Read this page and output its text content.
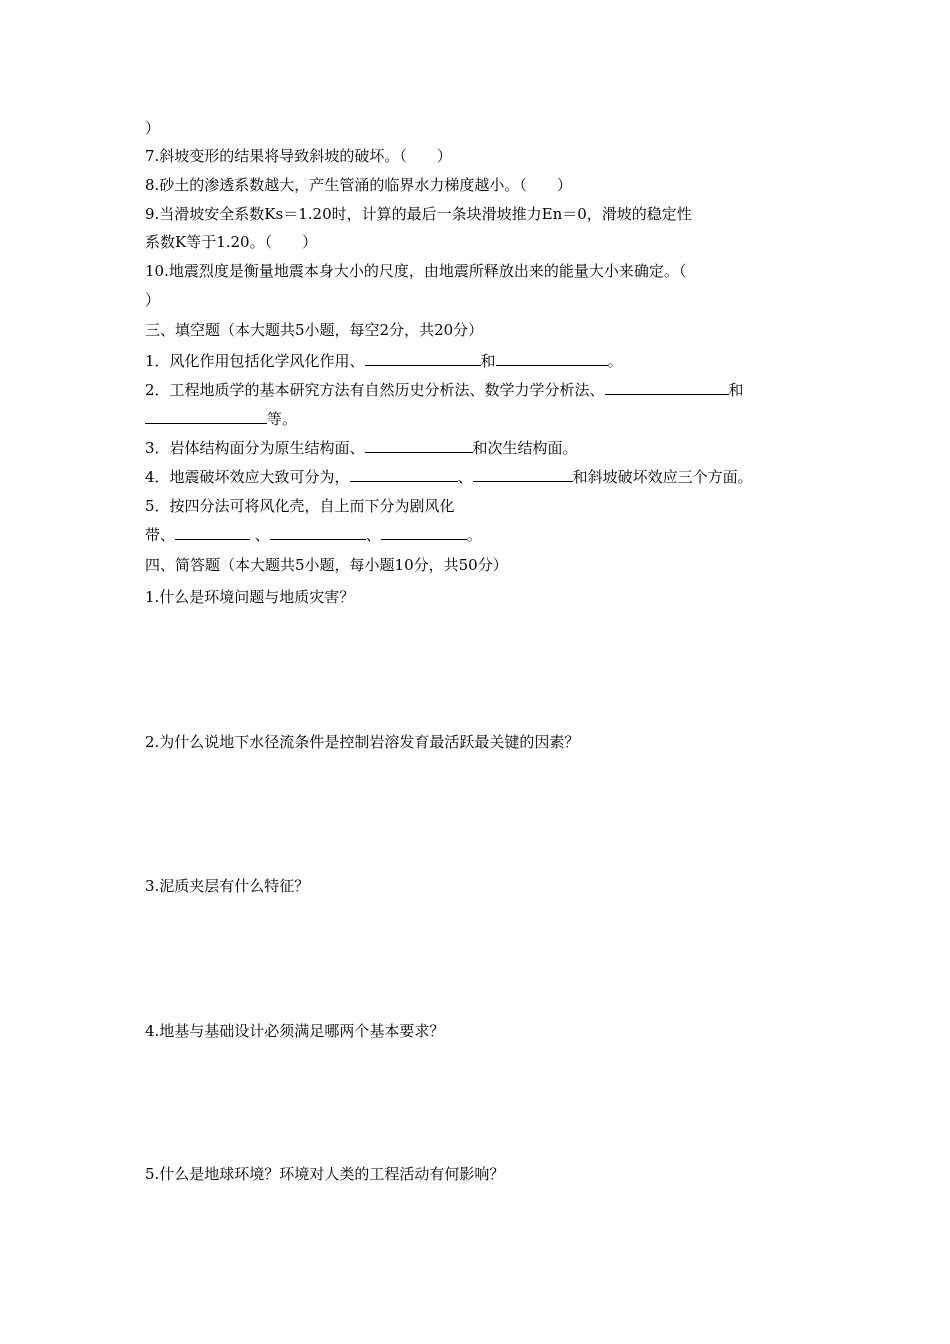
）
7.斜坡变形的结果将导致斜坡的破坏。（　　）
8.砂土的渗透系数越大，产生管涌的临界水力梯度越小。（　　）
9.当滑坡安全系数Ks＝1.20时，计算的最后一条块滑坡推力En＝0，滑坡的稳定性
系数K等于1.20。（　　）
10.地震烈度是衡量地震本身大小的尺度，由地震所释放出来的能量大小来确定。（
）
三、填空题（本大题共5小题，每空2分，共20分）
1．风化作用包括化学风化作用、	和	。
2．工程地质学的基本研究方法有自然历史分析法、数学力学分析法、	和
等。
3．岩体结构面分为原生结构面、	和次生结构面。
4．地震破坏效应大致可分为，	、	和斜坡破坏效应三个方面。
5．按四分法可将风化壳，自上而下分为剧风化
带、	、	、	。
四、简答题（本大题共5小题，每小题10分，共50分）
1.什么是环境问题与地质灾害？
2.为什么说地下水径流条件是控制岩溶发育最活跃最关键的因素？
3.泥质夹层有什么特征？
4.地基与基础设计必须满足哪两个基本要求？
5.什么是地球环境？环境对人类的工程活动有何影响？
